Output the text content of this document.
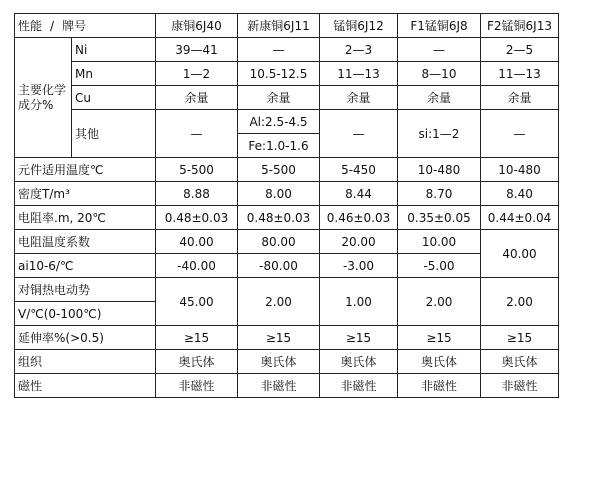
性能 / 牌号		康铜6J40	新康铜6J11	锰铜6J12	F1锰铜6J8	F2锰铜6J13
主要化学成分%	Ni	39—41	—	2—3	—	2—5
	Mn	1—2	10.5-12.5	11—13	8—10	11—13
	Cu	余量	余量	余量	余量	余量
	其他	—	Al:2.5-4.5	—	si:1—2	—
			Fe:1.0-1.6			
元件适用温度℃		5-500	5-500	5-450	10-480	10-480
密度T/m³		8.88	8.00	8.44	8.70	8.40
电阻率.m, 20℃		0.48±0.03	0.48±0.03	0.46±0.03	0.35±0.05	0.44±0.04
电阻温度系数		40.00	80.00	20.00	10.00	40.00
ai10-6/℃		-40.00	-80.00	-3.00	-5.00	
对铜热电动势		45.00	2.00	1.00	2.00	2.00
V/℃(0-100℃)						
延伸率%(>0.5)		≥15	≥15	≥15	≥15	≥15
组织		奥氏体	奥氏体	奥氏体	奥氏体	奥氏体
磁性		非磁性	非磁性	非磁性	非磁性	非磁性
